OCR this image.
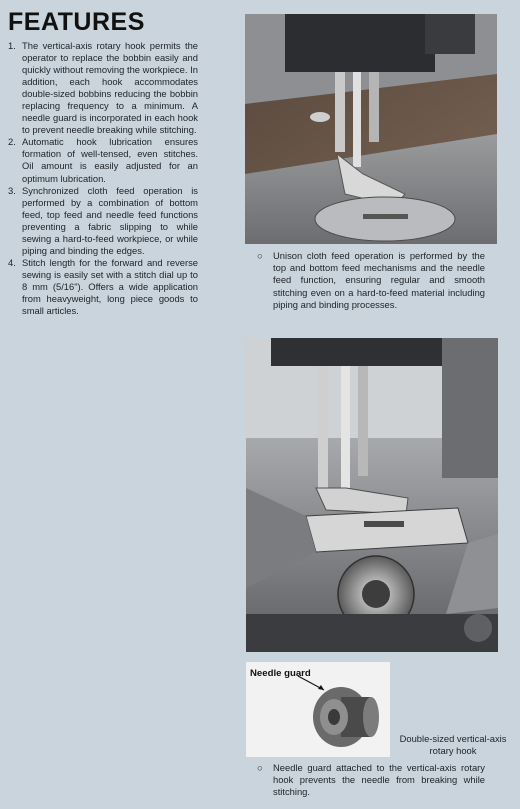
FEATURES
1. The vertical-axis rotary hook permits the operator to replace the bobbin easily and quickly without removing the workpiece. In addition, each hook accommodates double-sized bobbins reducing the bobbin replacing frequency to a minimum. A needle guard is incorporated in each hook to prevent needle breaking while stitching.
2. Automatic hook lubrication ensures formation of well-tensed, even stitches. Oil amount is easily adjusted for an optimum lubrication.
3. Synchronized cloth feed operation is performed by a combination of bottom feed, top feed and needle feed functions preventing a fabric slipping to while sewing a hard-to-feed workpiece, or while piping and binding the edges.
4. Stitch length for the forward and reverse sewing is easily set with a stitch dial up to 8 mm (5/16"). Offers a wide application from heavyweight, long piece goods to small articles.
○	Unison cloth feed operation is performed by the top and bottom feed mechanisms and the needle feed function, ensuring regular and smooth stitching even on a hard-to-feed material including piping and binding processes.
Needle guard
Double-sized vertical-axis rotary hook
○	Needle guard attached to the vertical-axis rotary hook prevents the needle from breaking while stitching.
